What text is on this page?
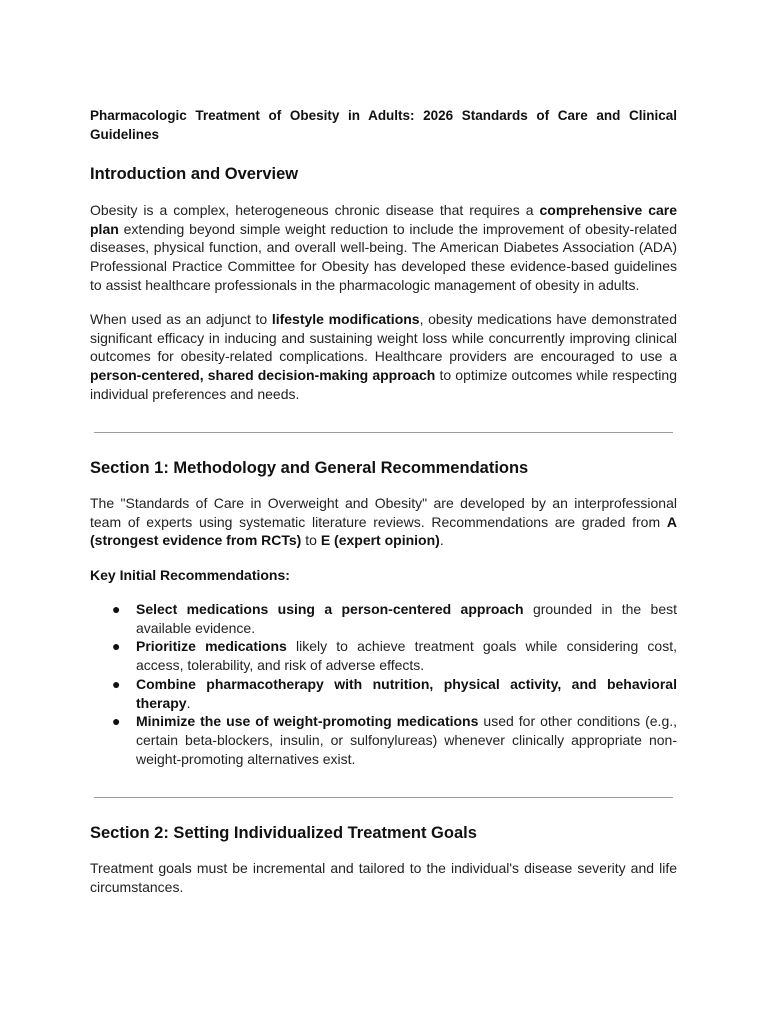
Pharmacologic Treatment of Obesity in Adults: 2026 Standards of Care and Clinical Guidelines
Introduction and Overview

Obesity is a complex, heterogeneous chronic disease that requires a comprehensive care plan extending beyond simple weight reduction to include the improvement of obesity-related diseases, physical function, and overall well-being. The American Diabetes Association (ADA) Professional Practice Committee for Obesity has developed these evidence-based guidelines to assist healthcare professionals in the pharmacologic management of obesity in adults.

When used as an adjunct to lifestyle modifications, obesity medications have demonstrated significant efficacy in inducing and sustaining weight loss while concurrently improving clinical outcomes for obesity-related complications. Healthcare providers are encouraged to use a person-centered, shared decision-making approach to optimize outcomes while respecting individual preferences and needs.

Section 1: Methodology and General Recommendations

The "Standards of Care in Overweight and Obesity" are developed by an interprofessional team of experts using systematic literature reviews. Recommendations are graded from A (strongest evidence from RCTs) to E (expert opinion).

Key Initial Recommendations:
● Select medications using a person-centered approach grounded in the best available evidence.
● Prioritize medications likely to achieve treatment goals while considering cost, access, tolerability, and risk of adverse effects.
● Combine pharmacotherapy with nutrition, physical activity, and behavioral therapy.
● Minimize the use of weight-promoting medications used for other conditions (e.g., certain beta-blockers, insulin, or sulfonylureas) whenever clinically appropriate non-weight-promoting alternatives exist.
Section 2: Setting Individualized Treatment Goals

Treatment goals must be incremental and tailored to the individual's disease severity and life circumstances.
